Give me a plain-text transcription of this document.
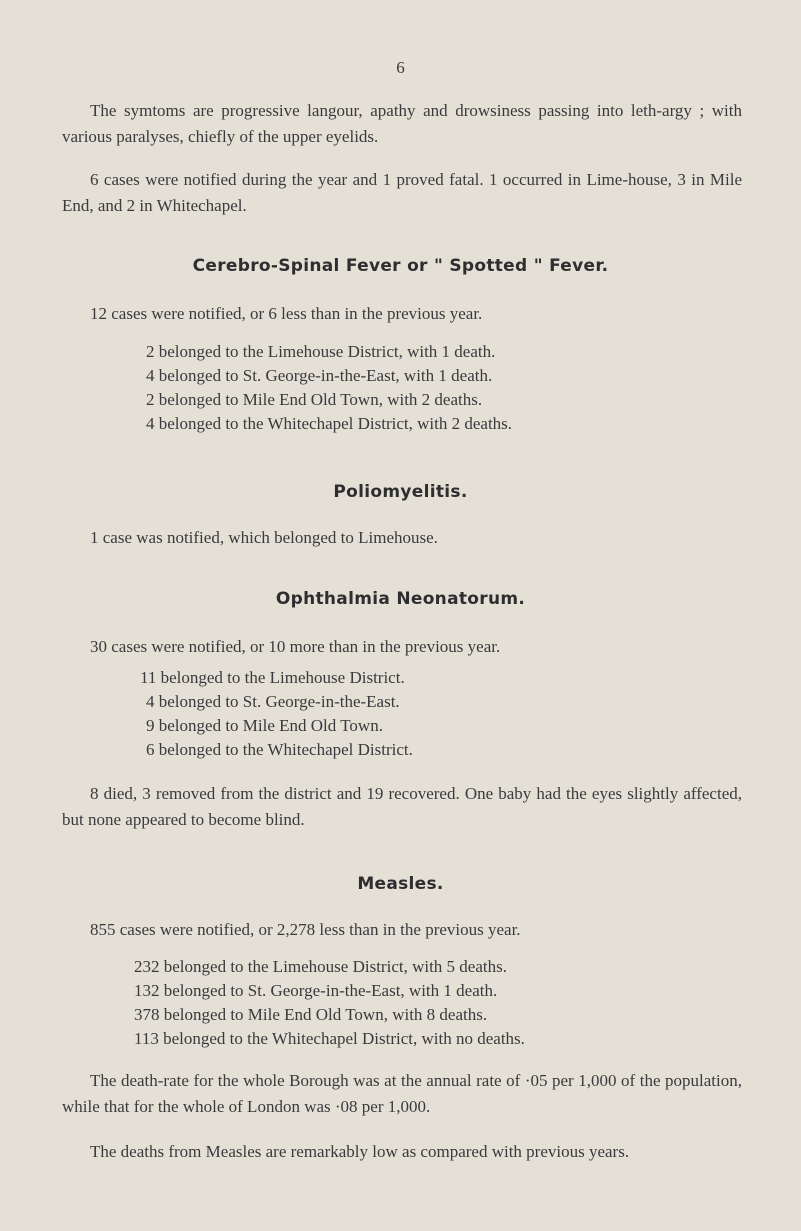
6
The symtoms are progressive langour, apathy and drowsiness passing into leth-argy ; with various paralyses, chiefly of the upper eyelids.
6 cases were notified during the year and 1 proved fatal. 1 occurred in Lime-house, 3 in Mile End, and 2 in Whitechapel.
Cerebro-Spinal Fever or " Spotted " Fever.
12 cases were notified, or 6 less than in the previous year.
2 belonged to the Limehouse District, with 1 death.
4 belonged to St. George-in-the-East, with 1 death.
2 belonged to Mile End Old Town, with 2 deaths.
4 belonged to the Whitechapel District, with 2 deaths.
Poliomyelitis.
1 case was notified, which belonged to Limehouse.
Ophthalmia Neonatorum.
30 cases were notified, or 10 more than in the previous year.
11 belonged to the Limehouse District.
4 belonged to St. George-in-the-East.
9 belonged to Mile End Old Town.
6 belonged to the Whitechapel District.
8 died, 3 removed from the district and 19 recovered. One baby had the eyes slightly affected, but none appeared to become blind.
Measles.
855 cases were notified, or 2,278 less than in the previous year.
232 belonged to the Limehouse District, with 5 deaths.
132 belonged to St. George-in-the-East, with 1 death.
378 belonged to Mile End Old Town, with 8 deaths.
113 belonged to the Whitechapel District, with no deaths.
The death-rate for the whole Borough was at the annual rate of ·05 per 1,000 of the population, while that for the whole of London was ·08 per 1,000.
The deaths from Measles are remarkably low as compared with previous years.
